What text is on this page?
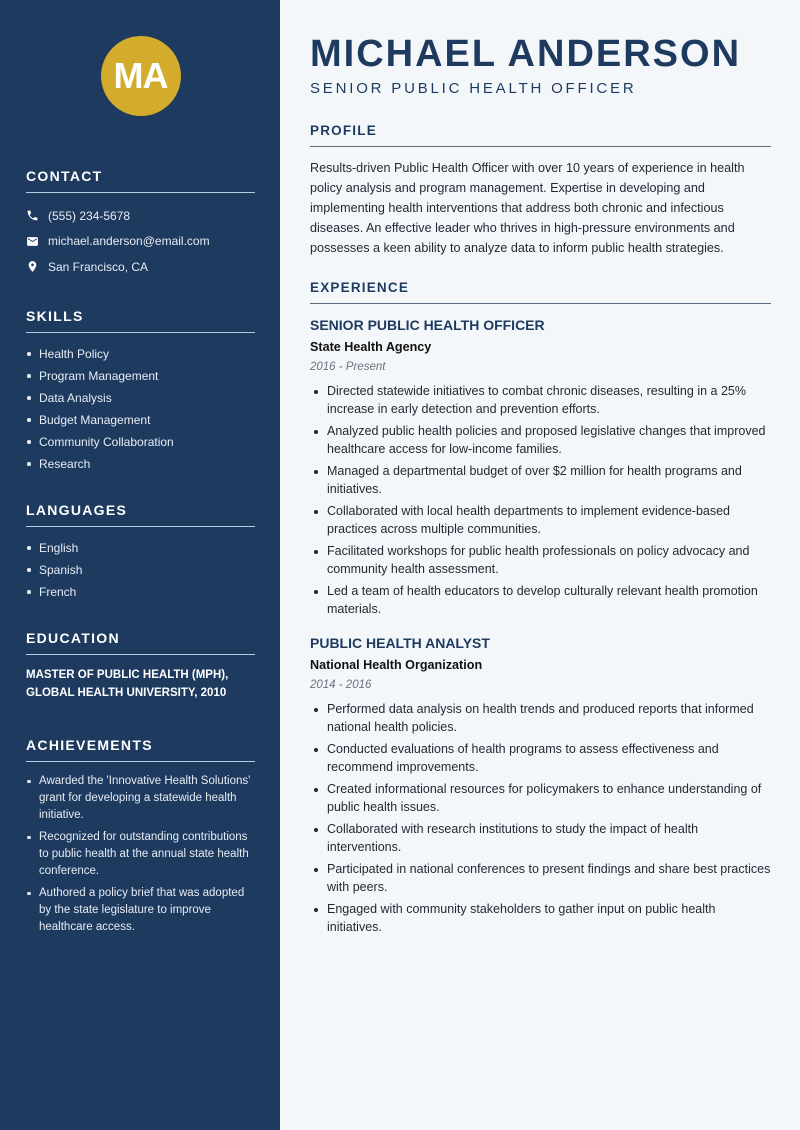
MA
CONTACT
(555) 234-5678
michael.anderson@email.com
San Francisco, CA
SKILLS
Health Policy
Program Management
Data Analysis
Budget Management
Community Collaboration
Research
LANGUAGES
English
Spanish
French
EDUCATION
MASTER OF PUBLIC HEALTH (MPH),
GLOBAL HEALTH UNIVERSITY, 2010
ACHIEVEMENTS
Awarded the 'Innovative Health Solutions' grant for developing a statewide health initiative.
Recognized for outstanding contributions to public health at the annual state health conference.
Authored a policy brief that was adopted by the state legislature to improve healthcare access.
MICHAEL ANDERSON
SENIOR PUBLIC HEALTH OFFICER
PROFILE

Results-driven Public Health Officer with over 10 years of experience in health policy analysis and program management. Expertise in developing and implementing health interventions that address both chronic and infectious diseases. An effective leader who thrives in high-pressure environments and possesses a keen ability to analyze data to inform public health strategies.

EXPERIENCE
SENIOR PUBLIC HEALTH OFFICER
State Health Agency
2016 - Present
Directed statewide initiatives to combat chronic diseases, resulting in a 25% increase in early detection and prevention efforts.
Analyzed public health policies and proposed legislative changes that improved healthcare access for low-income families.
Managed a departmental budget of over $2 million for health programs and initiatives.
Collaborated with local health departments to implement evidence-based practices across multiple communities.
Facilitated workshops for public health professionals on policy advocacy and community health assessment.
Led a team of health educators to develop culturally relevant health promotion materials.
PUBLIC HEALTH ANALYST
National Health Organization
2014 - 2016
Performed data analysis on health trends and produced reports that informed national health policies.
Conducted evaluations of health programs to assess effectiveness and recommend improvements.
Created informational resources for policymakers to enhance understanding of public health issues.
Collaborated with research institutions to study the impact of health interventions.
Participated in national conferences to present findings and share best practices with peers.
Engaged with community stakeholders to gather input on public health initiatives.
